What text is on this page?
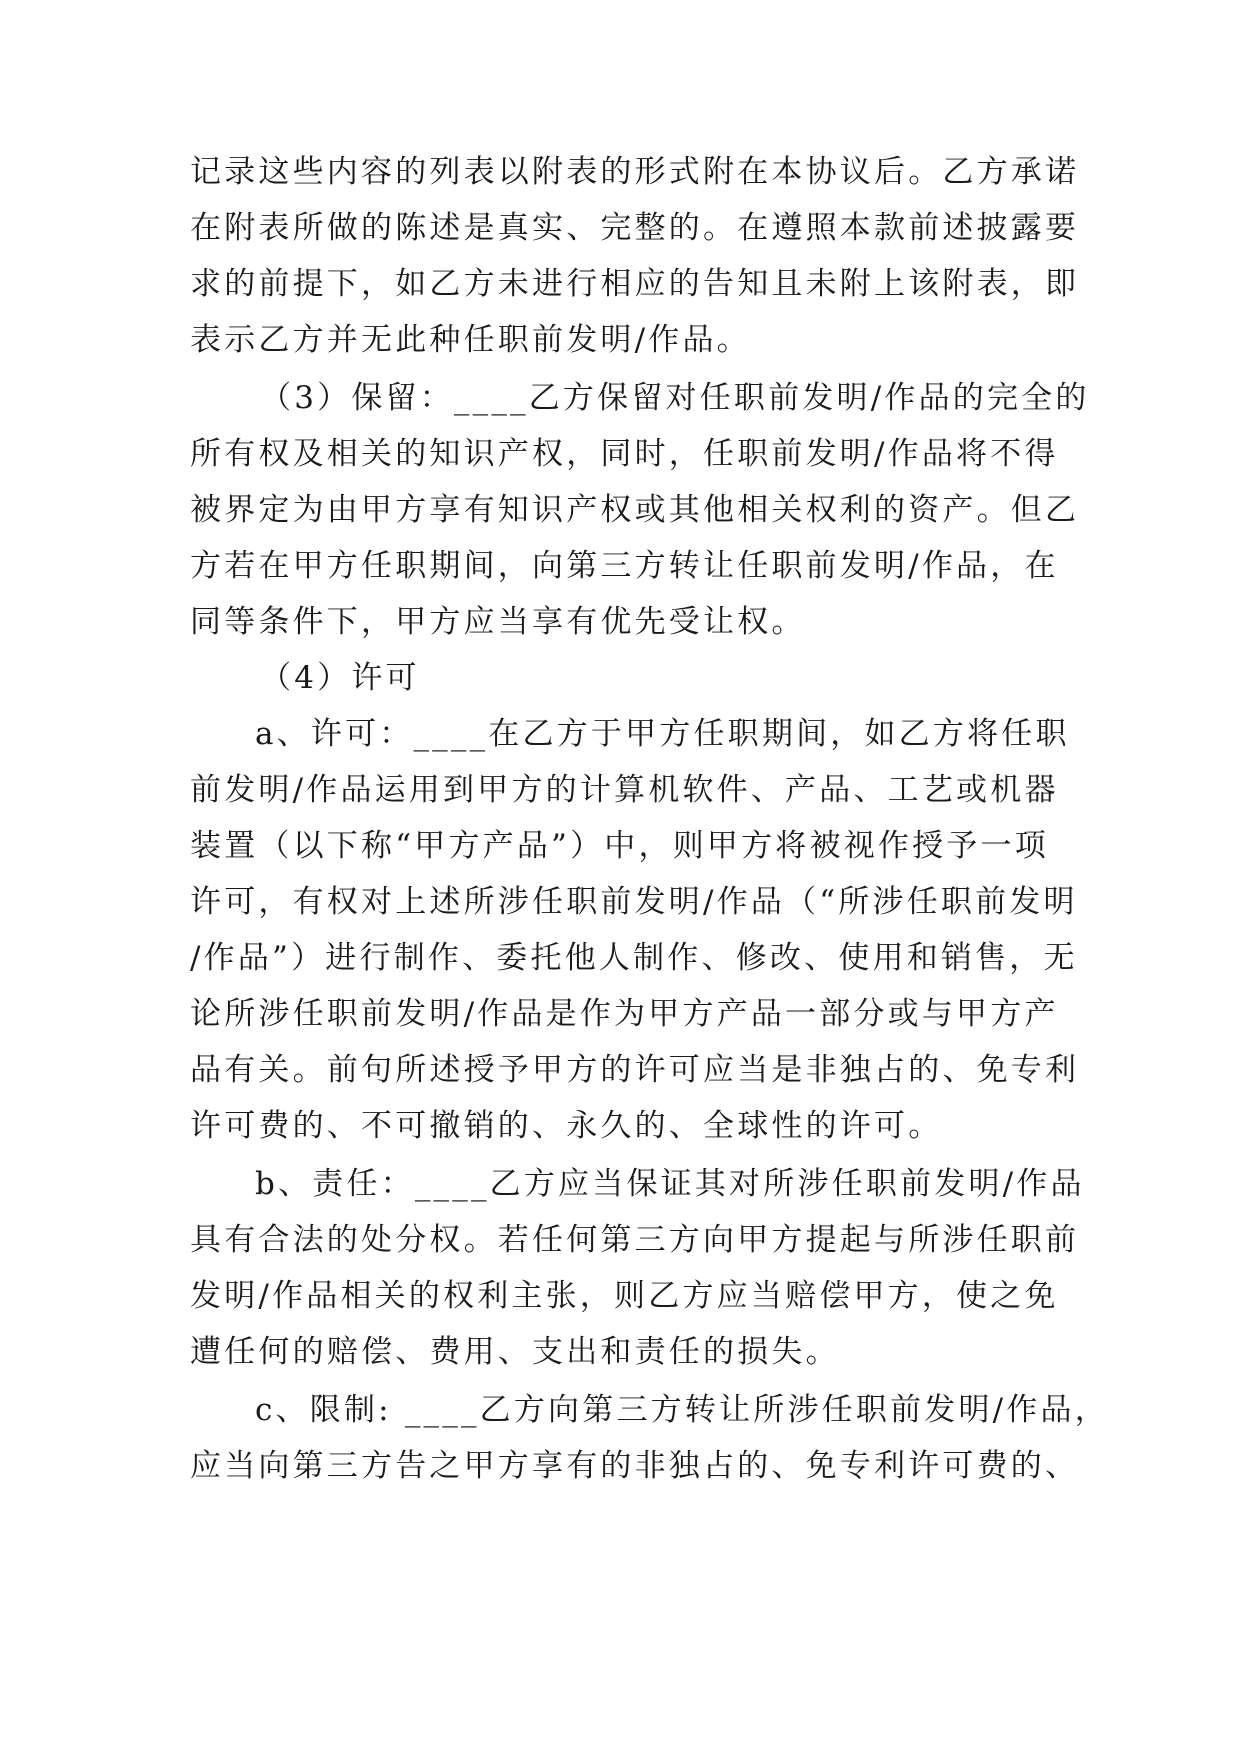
记录这些内容的列表以附表的形式附在本协议后。乙方承诺
在附表所做的陈述是真实、完整的。在遵照本款前述披露要
求的前提下，如乙方未进行相应的告知且未附上该附表，即
表示乙方并无此种任职前发明/作品。
（3）保留：____乙方保留对任职前发明/作品的完全的
所有权及相关的知识产权，同时，任职前发明/作品将不得
被界定为由甲方享有知识产权或其他相关权利的资产。但乙
方若在甲方任职期间，向第三方转让任职前发明/作品，在
同等条件下，甲方应当享有优先受让权。
（4）许可
a、许可：____在乙方于甲方任职期间，如乙方将任职
前发明/作品运用到甲方的计算机软件、产品、工艺或机器
装置（以下称“甲方产品”）中，则甲方将被视作授予一项
许可，有权对上述所涉任职前发明/作品（“所涉任职前发明
/作品”）进行制作、委托他人制作、修改、使用和销售，无
论所涉任职前发明/作品是作为甲方产品一部分或与甲方产
品有关。前句所述授予甲方的许可应当是非独占的、免专利
许可费的、不可撤销的、永久的、全球性的许可。
b、责任：____乙方应当保证其对所涉任职前发明/作品
具有合法的处分权。若任何第三方向甲方提起与所涉任职前
发明/作品相关的权利主张，则乙方应当赔偿甲方，使之免
遭任何的赔偿、费用、支出和责任的损失。
c、限制: ____乙方向第三方转让所涉任职前发明/作品，
应当向第三方告之甲方享有的非独占的、免专利许可费的、
